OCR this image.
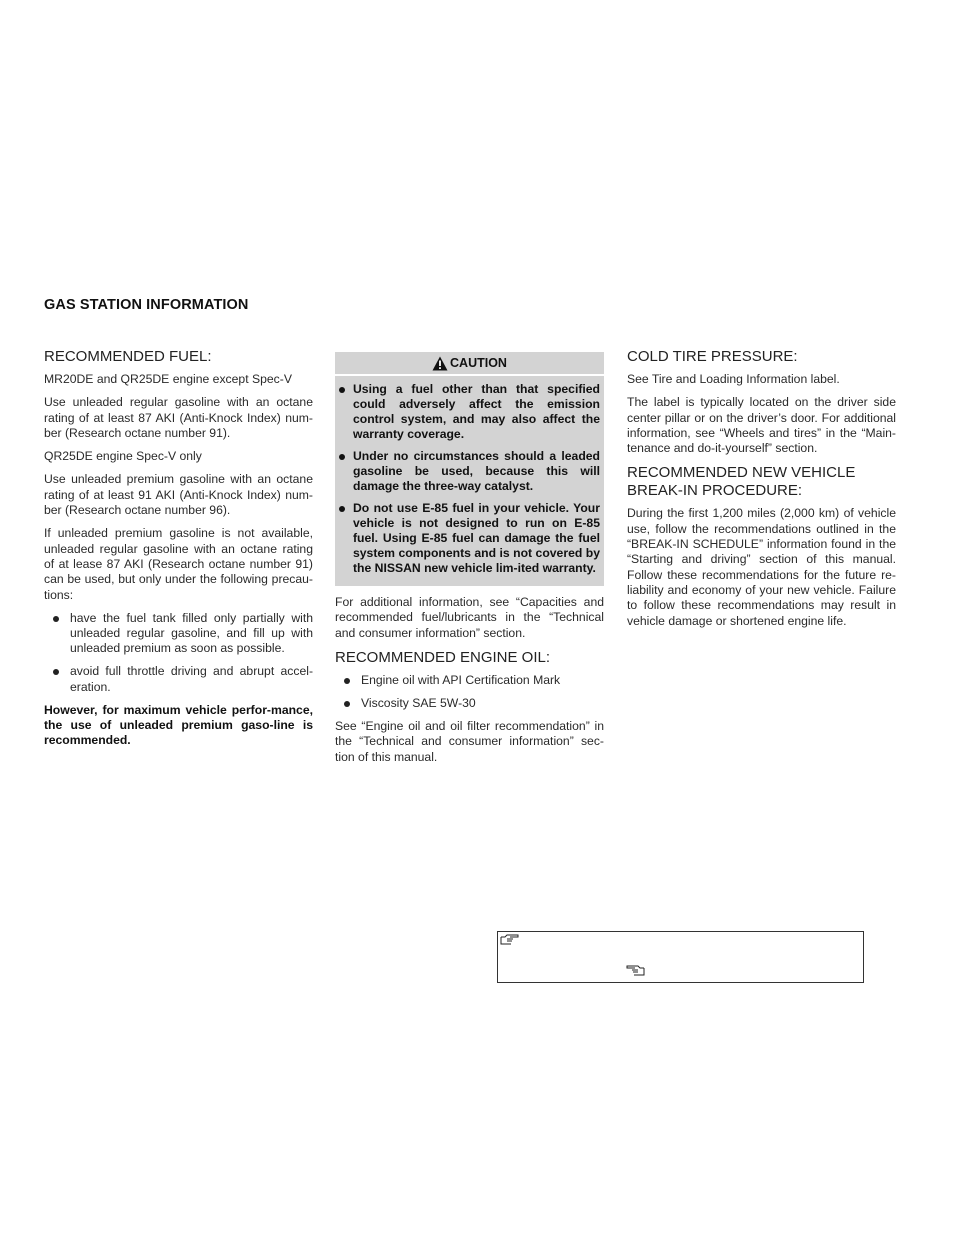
GAS STATION INFORMATION
RECOMMENDED FUEL:

MR20DE and QR25DE engine except Spec-V

Use unleaded regular gasoline with an octane rating of at least 87 AKI (Anti-Knock Index) num-ber (Research octane number 91).

QR25DE engine Spec-V only

Use unleaded premium gasoline with an octane rating of at least 91 AKI (Anti-Knock Index) num-ber (Research octane number 96).

If unleaded premium gasoline is not available, unleaded regular gasoline with an octane rating of at lease 87 AKI (Research octane number 91) can be used, but only under the following precau-tions:

have the fuel tank filled only partially with unleaded regular gasoline, and fill up with unleaded premium as soon as possible.
avoid full throttle driving and abrupt accel-eration.

However, for maximum vehicle perfor-mance, the use of unleaded premium gaso-line is recommended.

CAUTION
Using a fuel other than that specified could adversely affect the emission control system, and may also affect the warranty coverage.
Under no circumstances should a leaded gasoline be used, because this will damage the three-way catalyst.
Do not use E-85 fuel in your vehicle. Your vehicle is not designed to run on E-85 fuel. Using E-85 fuel can damage the fuel system components and is not covered by the NISSAN new vehicle lim-ited warranty.

For additional information, see “Capacities and recommended fuel/lubricants in the “Technical and consumer information” section.

RECOMMENDED ENGINE OIL:
Engine oil with API Certification Mark
Viscosity SAE 5W-30

See “Engine oil and oil filter recommendation” in the “Technical and consumer information” sec-tion of this manual.

COLD TIRE PRESSURE:

See Tire and Loading Information label.

The label is typically located on the driver side center pillar or on the driver’s door. For additional information, see “Wheels and tires” in the “Main-tenance and do-it-yourself” section.

RECOMMENDED NEW VEHICLE BREAK-IN PROCEDURE:

During the first 1,200 miles (2,000 km) of vehicle use, follow the recommendations outlined in the “BREAK-IN SCHEDULE” information found in the “Starting and driving” section of this manual. Follow these recommendations for the future re-liability and economy of your new vehicle. Failure to follow these recommendations may result in vehicle damage or shortened engine life.
